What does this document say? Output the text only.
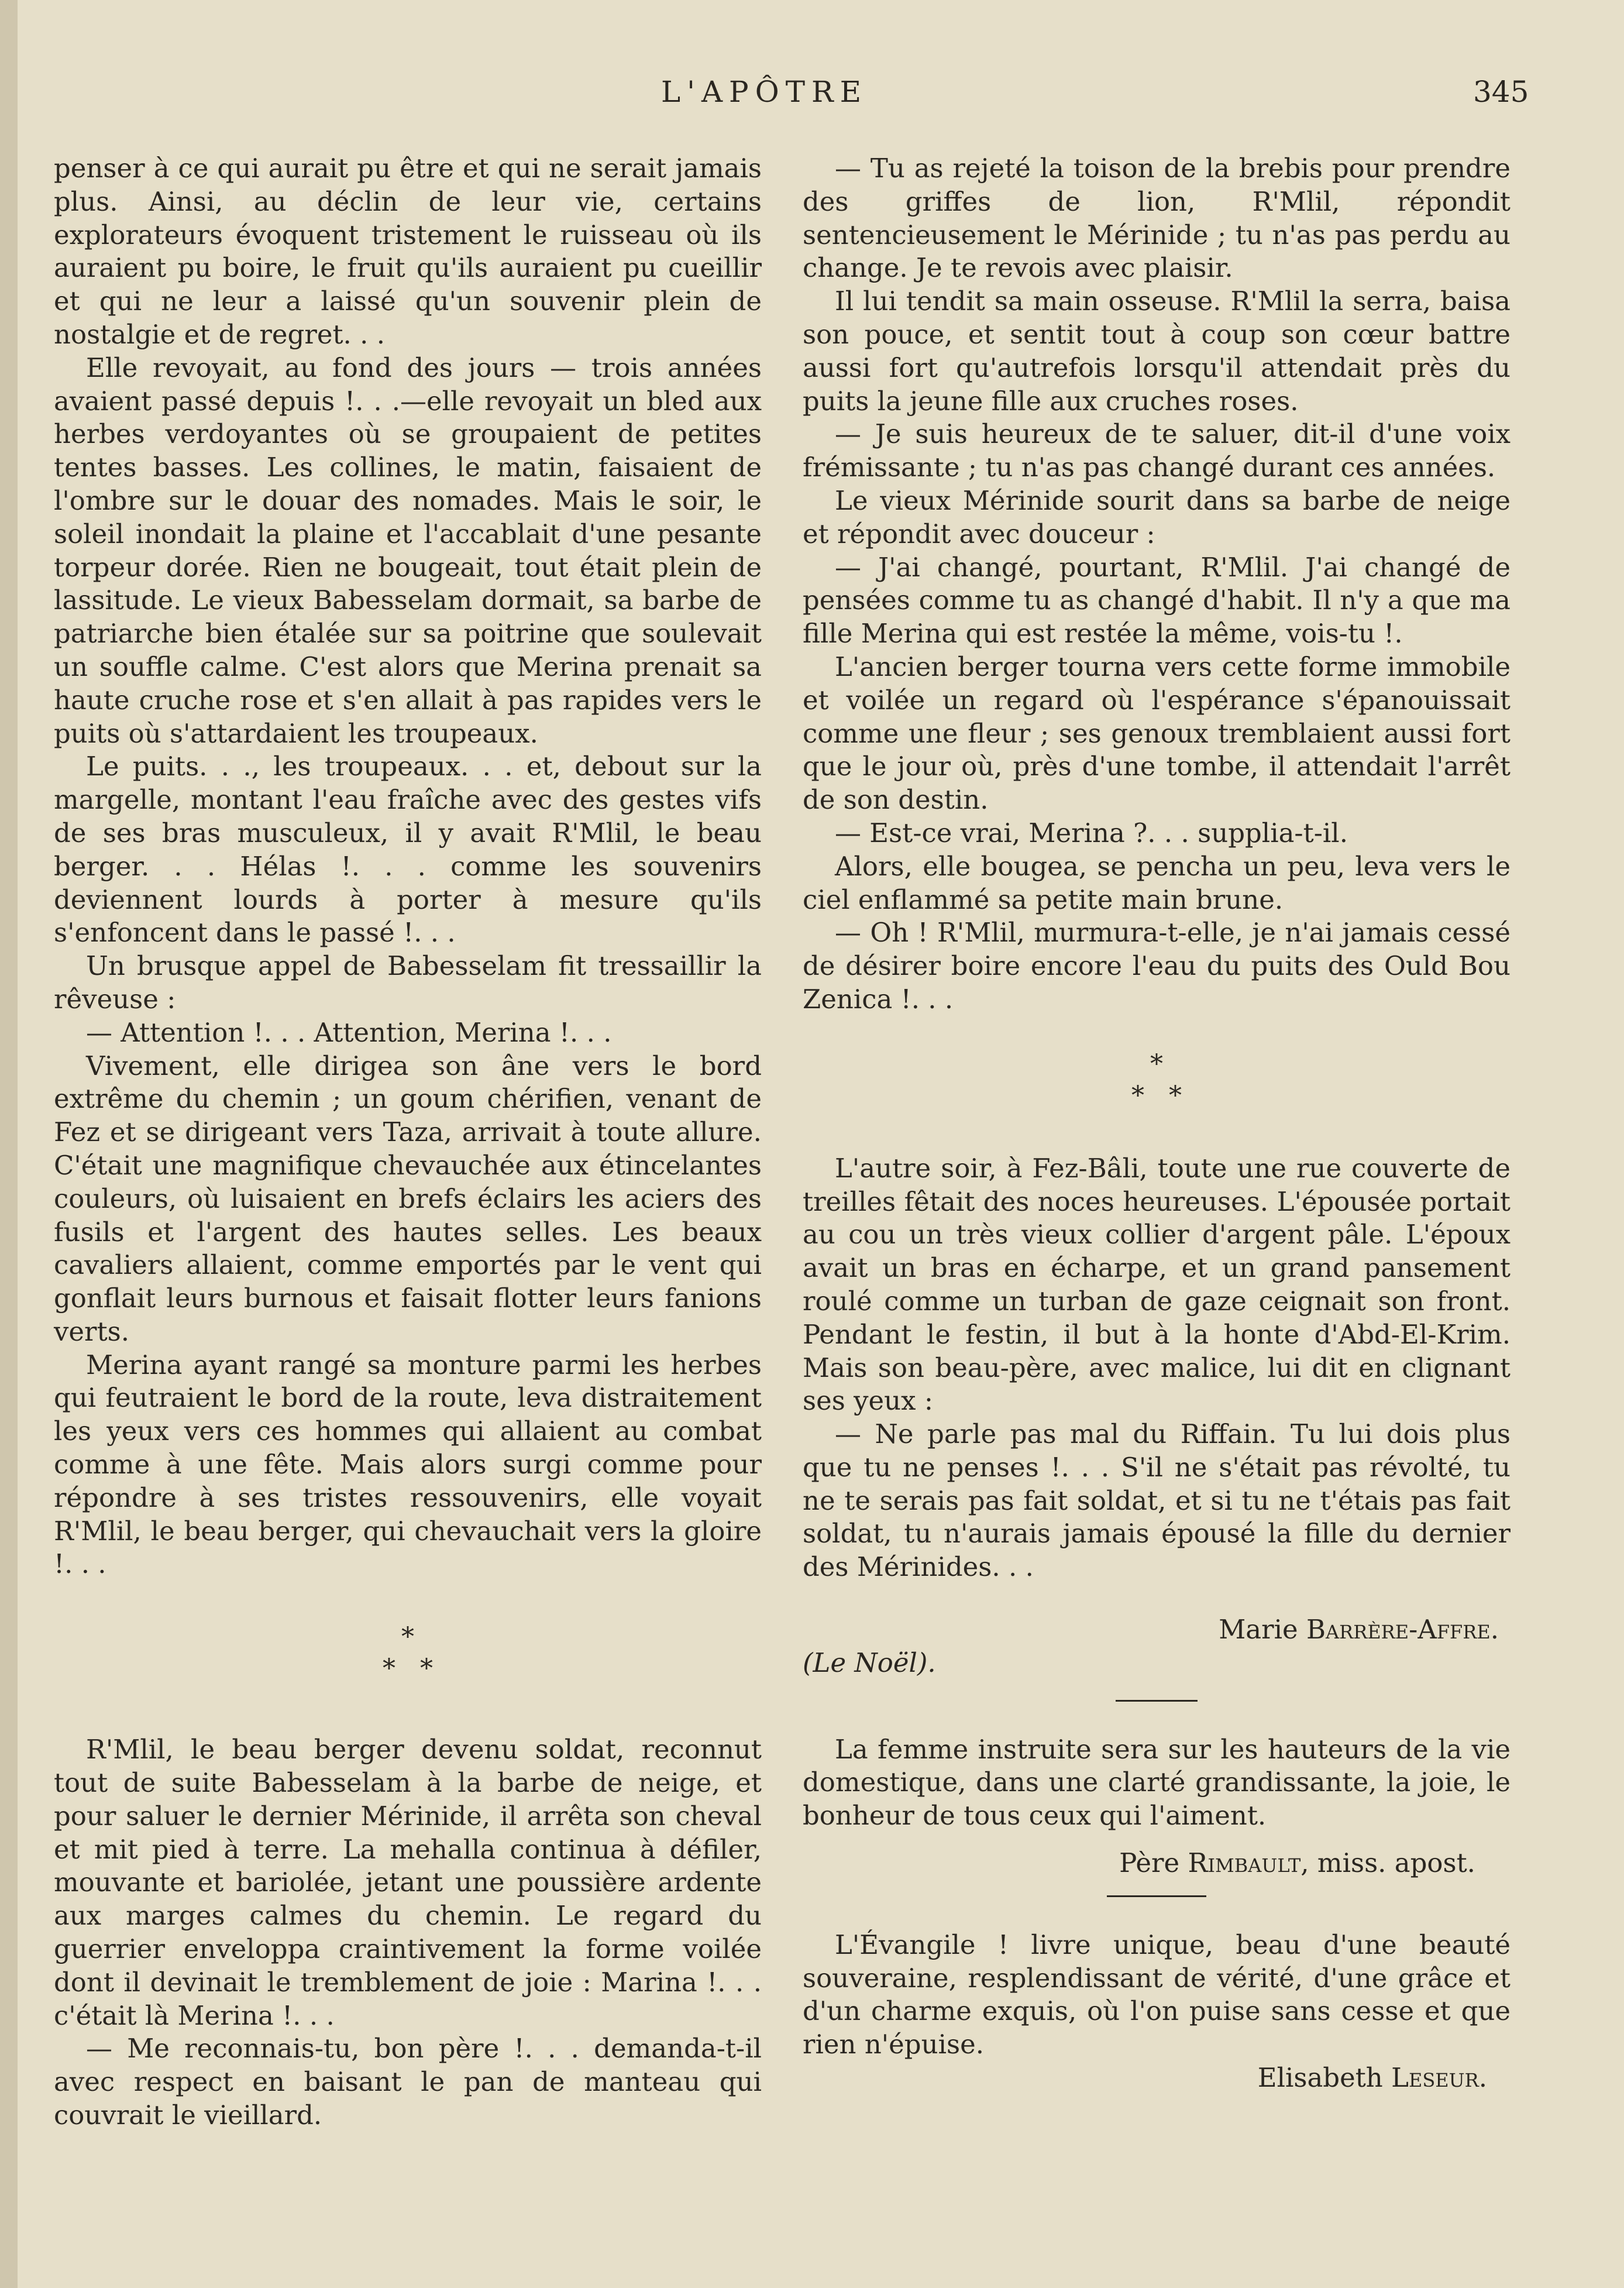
L'APÔTRE	345

penser à ce qui aurait pu être et qui ne serait jamais plus. Ainsi, au déclin de leur vie, certains explorateurs évoquent tristement le ruisseau où ils auraient pu boire, le fruit qu'ils auraient pu cueillir et qui ne leur a laissé qu'un souvenir plein de nostalgie et de regret. . .

Elle revoyait, au fond des jours — trois années avaient passé depuis !. . .—elle revoyait un bled aux herbes verdoyantes où se groupaient de petites tentes basses. Les collines, le matin, faisaient de l'ombre sur le douar des nomades. Mais le soir, le soleil inondait la plaine et l'accablait d'une pesante torpeur dorée. Rien ne bougeait, tout était plein de lassitude. Le vieux Babesselam dormait, sa barbe de patriarche bien étalée sur sa poitrine que soulevait un souffle calme. C'est alors que Merina prenait sa haute cruche rose et s'en allait à pas rapides vers le puits où s'attardaient les troupeaux.

Le puits. . ., les troupeaux. . . et, debout sur la margelle, montant l'eau fraîche avec des gestes vifs de ses bras musculeux, il y avait R'Mlil, le beau berger. . . Hélas !. . . comme les souvenirs deviennent lourds à porter à mesure qu'ils s'enfoncent dans le passé !. . .

Un brusque appel de Babesselam fit tressaillir la rêveuse :

— Attention !. . . Attention, Merina !. . .

Vivement, elle dirigea son âne vers le bord extrême du chemin ; un goum chérifien, venant de Fez et se dirigeant vers Taza, arrivait à toute allure. C'était une magnifique chevauchée aux étincelantes couleurs, où luisaient en brefs éclairs les aciers des fusils et l'argent des hautes selles. Les beaux cavaliers allaient, comme emportés par le vent qui gonflait leurs burnous et faisait flotter leurs fanions verts.

Merina ayant rangé sa monture parmi les herbes qui feutraient le bord de la route, leva distraitement les yeux vers ces hommes qui allaient au combat comme à une fête. Mais alors surgi comme pour répondre à ses tristes ressouvenirs, elle voyait R'Mlil, le beau berger, qui chevauchait vers la gloire !. . .

*
*   *

R'Mlil, le beau berger devenu soldat, reconnut tout de suite Babesselam à la barbe de neige, et pour saluer le dernier Mérinide, il arrêta son cheval et mit pied à terre. La mehalla continua à défiler, mouvante et bariolée, jetant une poussière ardente aux marges calmes du chemin. Le regard du guerrier enveloppa craintivement la forme voilée dont il devinait le tremblement de joie : Marina !. . . c'était là Merina !. . .

— Me reconnais-tu, bon père !. . . demanda-t-il avec respect en baisant le pan de manteau qui couvrait le vieillard.

— Tu as rejeté la toison de la brebis pour prendre des griffes de lion, R'Mlil, répondit sentencieusement le Mérinide ; tu n'as pas perdu au change. Je te revois avec plaisir.

Il lui tendit sa main osseuse. R'Mlil la serra, baisa son pouce, et sentit tout à coup son cœur battre aussi fort qu'autrefois lorsqu'il attendait près du puits la jeune fille aux cruches roses.

— Je suis heureux de te saluer, dit-il d'une voix frémissante ; tu n'as pas changé durant ces années.

Le vieux Mérinide sourit dans sa barbe de neige et répondit avec douceur :

— J'ai changé, pourtant, R'Mlil. J'ai changé de pensées comme tu as changé d'habit. Il n'y a que ma fille Merina qui est restée la même, vois-tu !.

L'ancien berger tourna vers cette forme immobile et voilée un regard où l'espérance s'épanouissait comme une fleur ; ses genoux tremblaient aussi fort que le jour où, près d'une tombe, il attendait l'arrêt de son destin.

— Est-ce vrai, Merina ?. . . supplia-t-il.

Alors, elle bougea, se pencha un peu, leva vers le ciel enflammé sa petite main brune.

— Oh ! R'Mlil, murmura-t-elle, je n'ai jamais cessé de désirer boire encore l'eau du puits des Ould Bou Zenica !. . .

*
*   *

L'autre soir, à Fez-Bâli, toute une rue couverte de treilles fêtait des noces heureuses. L'épousée portait au cou un très vieux collier d'argent pâle. L'époux avait un bras en écharpe, et un grand pansement roulé comme un turban de gaze ceignait son front. Pendant le festin, il but à la honte d'Abd-El-Krim. Mais son beau-père, avec malice, lui dit en clignant ses yeux :

— Ne parle pas mal du Riffain. Tu lui dois plus que tu ne penses !. . . S'il ne s'était pas révolté, tu ne te serais pas fait soldat, et si tu ne t'étais pas fait soldat, tu n'aurais jamais épousé la fille du dernier des Mérinides. . .

Marie Barrère-Affre.

(Le Noël).

La femme instruite sera sur les hauteurs de la vie domestique, dans une clarté grandissante, la joie, le bonheur de tous ceux qui l'aiment.

Père Rimbault, miss. apost.

L'Évangile ! livre unique, beau d'une beauté souveraine, resplendissant de vérité, d'une grâce et d'un charme exquis, où l'on puise sans cesse et que rien n'épuise.

Elisabeth Leseur.
